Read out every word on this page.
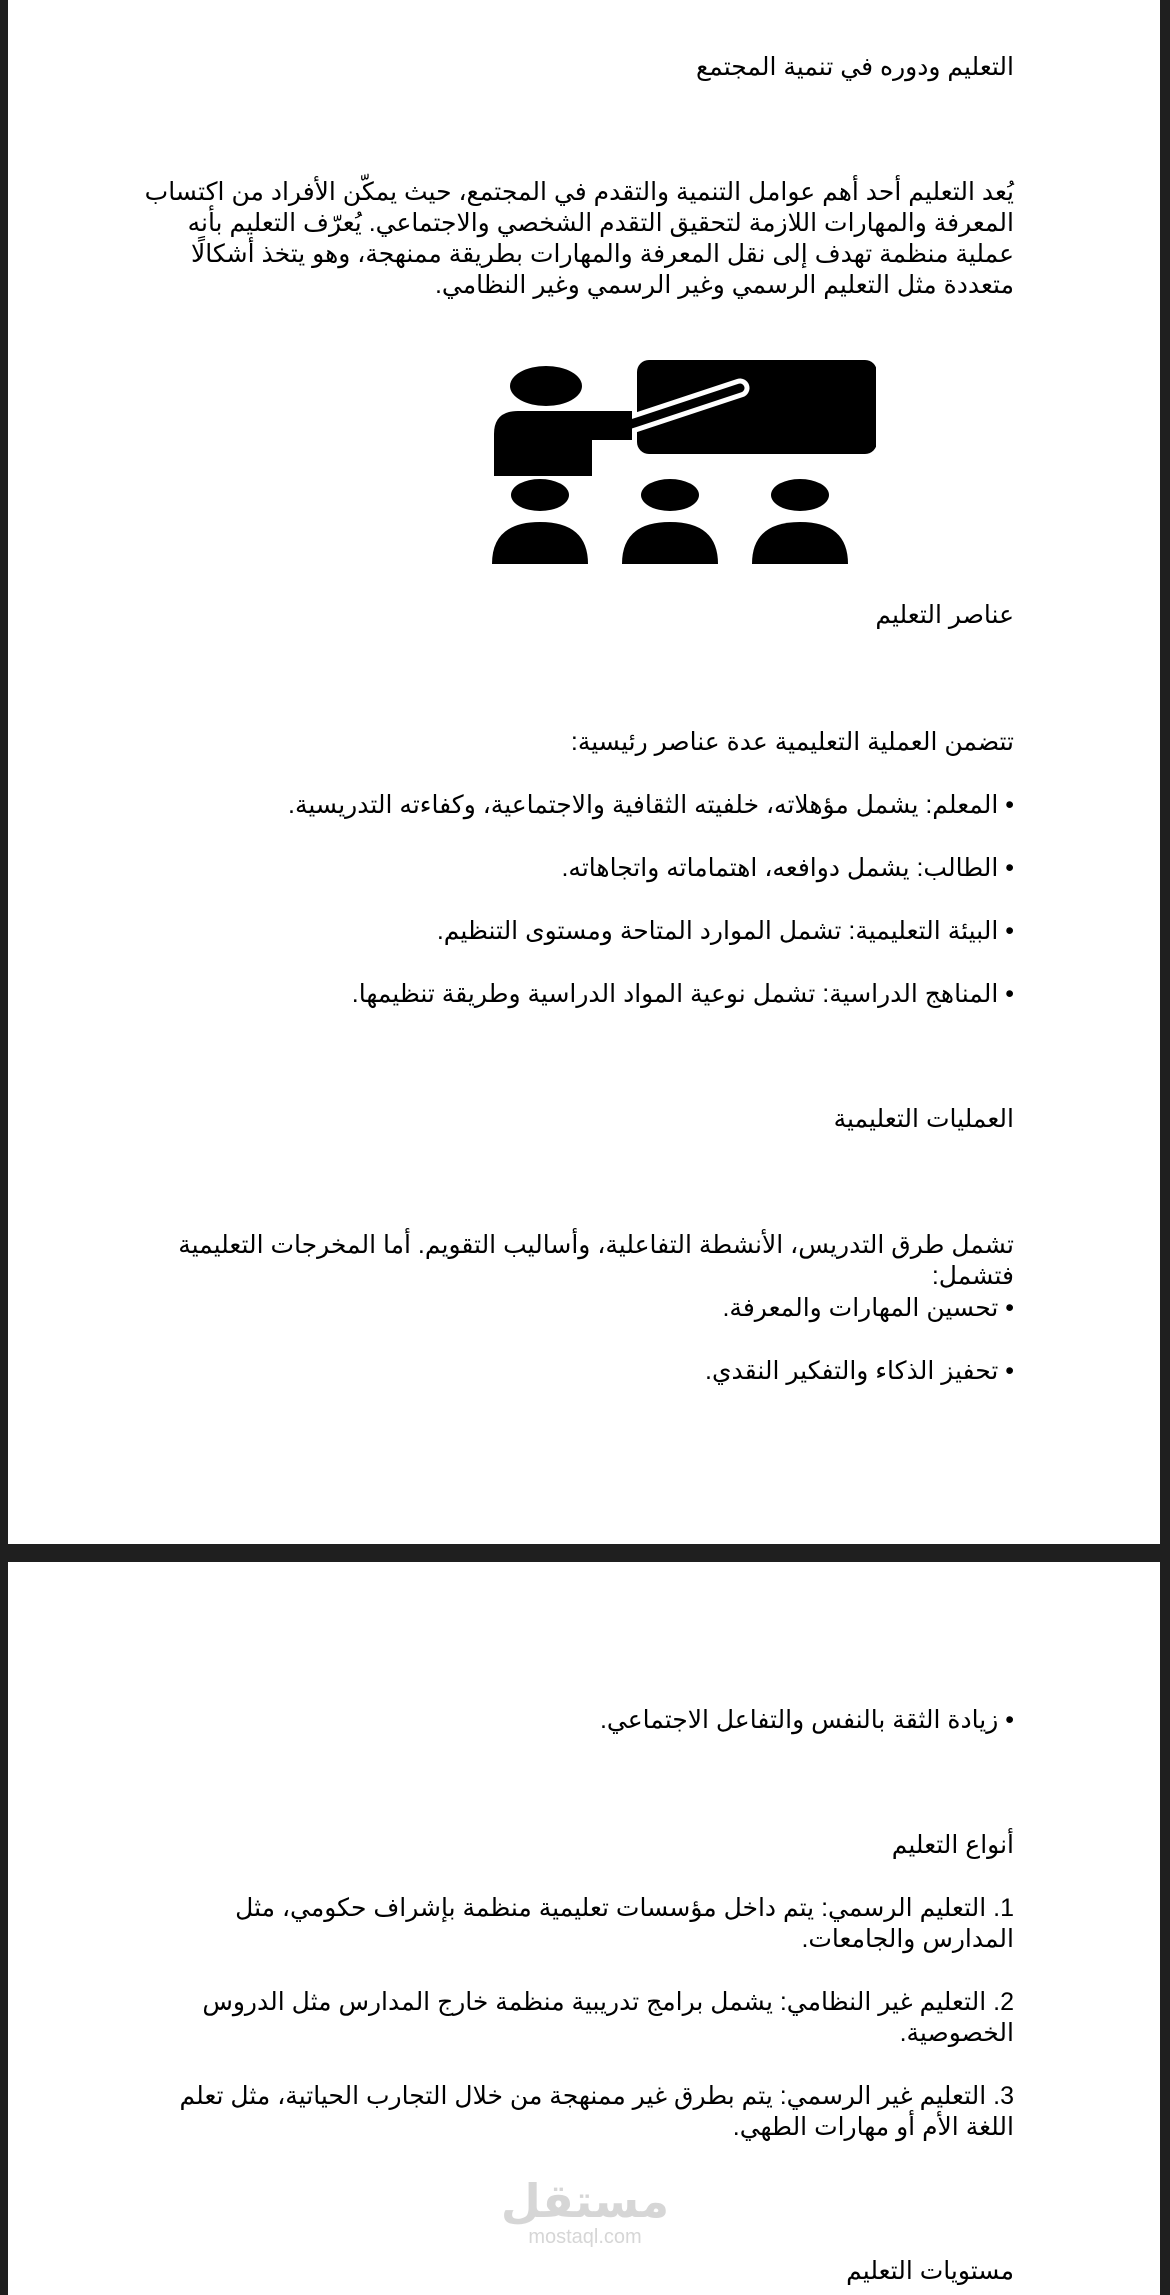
التعليم ودوره في تنمية المجتمع

يُعد التعليم أحد أهم عوامل التنمية والتقدم في المجتمع، حيث يمكّن الأفراد من اكتساب المعرفة والمهارات اللازمة لتحقيق التقدم الشخصي والاجتماعي. يُعرّف التعليم بأنه عملية منظمة تهدف إلى نقل المعرفة والمهارات بطريقة ممنهجة، وهو يتخذ أشكالًا متعددة مثل التعليم الرسمي وغير الرسمي وغير النظامي.

عناصر التعليم

تتضمن العملية التعليمية عدة عناصر رئيسية:

• المعلم: يشمل مؤهلاته، خلفيته الثقافية والاجتماعية، وكفاءته التدريسية.
• الطالب: يشمل دوافعه، اهتماماته واتجاهاته.
• البيئة التعليمية: تشمل الموارد المتاحة ومستوى التنظيم.
• المناهج الدراسية: تشمل نوعية المواد الدراسية وطريقة تنظيمها.
العمليات التعليمية

تشمل طرق التدريس، الأنشطة التفاعلية، وأساليب التقويم. أما المخرجات التعليمية فتشمل:

• تحسين المهارات والمعرفة.
• تحفيز الذكاء والتفكير النقدي.

• زيادة الثقة بالنفس والتفاعل الاجتماعي.

أنواع التعليم
1. التعليم الرسمي: يتم داخل مؤسسات تعليمية منظمة بإشراف حكومي، مثل المدارس والجامعات.
2. التعليم غير النظامي: يشمل برامج تدريبية منظمة خارج المدارس مثل الدروس الخصوصية.
3. التعليم غير الرسمي: يتم بطرق غير ممنهجة من خلال التجارب الحياتية، مثل تعلم اللغة الأم أو مهارات الطهي.
مستقل
mostaql.com
مستويات التعليم
